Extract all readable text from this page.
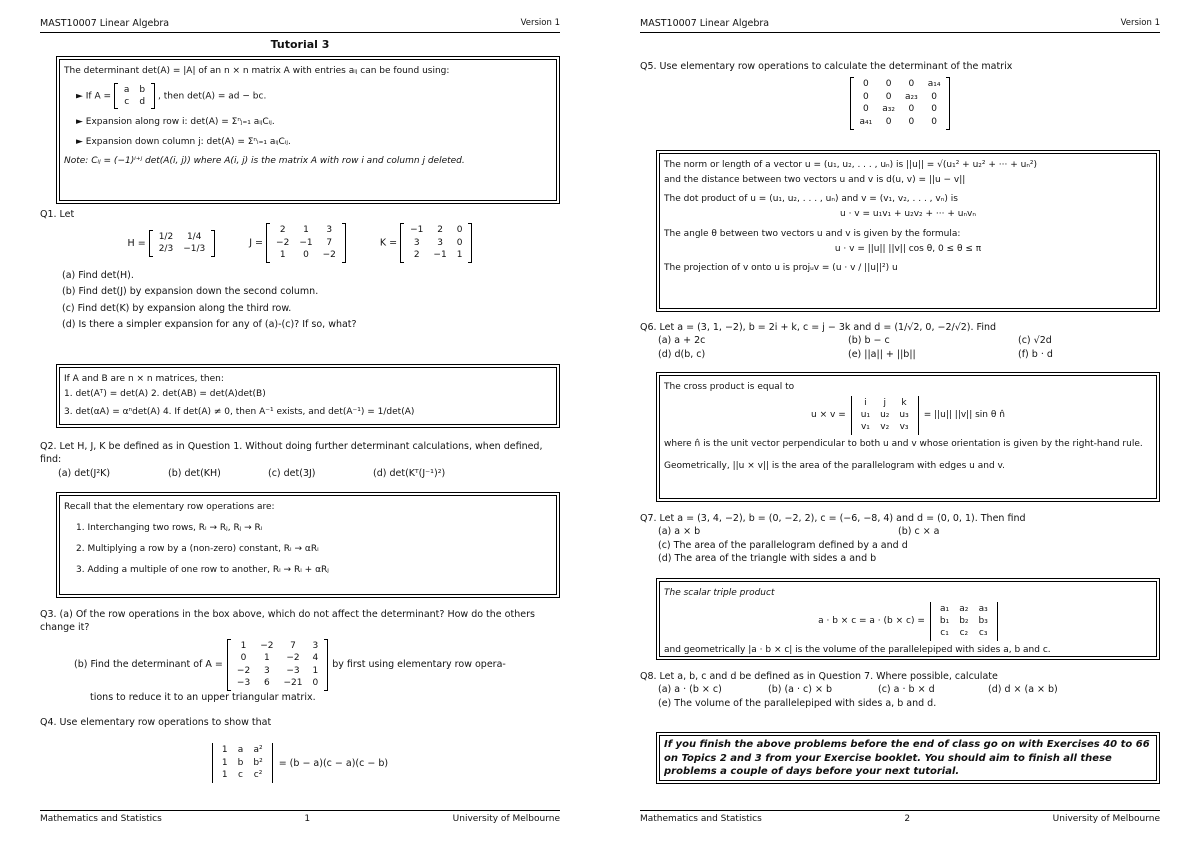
MAST10007 Linear Algebra	Version 1
Tutorial 3
The determinant det(A) = |A| of an n × n matrix A with entries aᵢⱼ can be found using:
► If A =
a	b
c	d
, then det(A) = ad − bc.
► Expansion along row i: det(A) = Σⁿⱼ₌₁ aᵢⱼCᵢⱼ.
► Expansion down column j: det(A) = Σⁿᵢ₌₁ aᵢⱼCᵢⱼ.
Note: Cᵢⱼ = (−1)ⁱ⁺ʲ det(A(i, j)) where A(i, j) is the matrix A with row i and column j deleted.
Q1. Let
H =
1/2	1/4
2/3	−1/3
J =
2	1	3
−2	−1	7
1	0	−2
K =
−1	2	0
3	3	0
2	−1	1
(a) Find det(H).
(b) Find det(J) by expansion down the second column.
(c) Find det(K) by expansion along the third row.
(d) Is there a simpler expansion for any of (a)-(c)? If so, what?
If A and B are n × n matrices, then:
1. det(Aᵀ) = det(A) 2. det(AB) = det(A)det(B)
3. det(αA) = αⁿdet(A) 4. If det(A) ≠ 0, then A⁻¹ exists, and det(A⁻¹) = 1/det(A)
Q2. Let H, J, K be defined as in Question 1. Without doing further determinant calculations, when defined, find:
(a) det(J²K)	(b) det(KH)	(c) det(3J)	(d) det(Kᵀ(J⁻¹)²)
Recall that the elementary row operations are:
1. Interchanging two rows, Rᵢ → Rⱼ, Rⱼ → Rᵢ
2. Multiplying a row by a (non-zero) constant, Rᵢ → αRᵢ
3. Adding a multiple of one row to another, Rᵢ → Rᵢ + αRⱼ
Q3. (a) Of the row operations in the box above, which do not affect the determinant? How do the others change it?
(b) Find the determinant of A =
1	−2	7	3
0	1	−2	4
−2	3	−3	1
−3	6	−21	0
by first using elementary row opera-
tions to reduce it to an upper triangular matrix.
Q4. Use elementary row operations to show that
1	a	a²
1	b	b²
1	c	c²
= (b − a)(c − a)(c − b)
Mathematics and Statistics	1	University of Melbourne
MAST10007 Linear Algebra	Version 1
Q5. Use elementary row operations to calculate the determinant of the matrix
0	0	0	a₁₄
0	0	a₂₃	0
0	a₃₂	0	0
a₄₁	0	0	0
The norm or length of a vector u = (u₁, u₂, . . . , uₙ) is ||u|| = √(u₁² + u₂² + ··· + uₙ²)
and the distance between two vectors u and v is d(u, v) = ||u − v||
The dot product of u = (u₁, u₂, . . . , uₙ) and v = (v₁, v₂, . . . , vₙ) is
u · v = u₁v₁ + u₂v₂ + ··· + uₙvₙ
The angle θ between two vectors u and v is given by the formula:
u · v = ||u|| ||v|| cos θ, 0 ≤ θ ≤ π
The projection of v onto u is projᵤv = (u · v / ||u||²) u
Q6. Let a = (3, 1, −2), b = 2i + k, c = j − 3k and d = (1/√2, 0, −2/√2). Find
(a) a + 2c	(b) b − c	(c) √2d
(d) d(b, c)	(e) ||a|| + ||b||	(f) b · d
The cross product is equal to
u × v =
i	j	k
u₁	u₂	u₃
v₁	v₂	v₃
= ||u|| ||v|| sin θ n̂
where n̂ is the unit vector perpendicular to both u and v whose orientation is given by the right-hand rule.
Geometrically, ||u × v|| is the area of the parallelogram with edges u and v.
Q7. Let a = (3, 4, −2), b = (0, −2, 2), c = (−6, −8, 4) and d = (0, 0, 1). Then find
(a) a × b	(b) c × a
(c) The area of the parallelogram defined by a and d
(d) The area of the triangle with sides a and b
The scalar triple product
a · b × c = a · (b × c) =
a₁	a₂	a₃
b₁	b₂	b₃
c₁	c₂	c₃
and geometrically |a · b × c| is the volume of the parallelepiped with sides a, b and c.
Q8. Let a, b, c and d be defined as in Question 7. Where possible, calculate
(a) a · (b × c)	(b) (a · c) × b	(c) a · b × d	(d) d × (a × b)
(e) The volume of the parallelepiped with sides a, b and d.
If you finish the above problems before the end of class go on with Exercises 40 to 66 on Topics 2 and 3 from your Exercise booklet. You should aim to finish all these problems a couple of days before your next tutorial.
Mathematics and Statistics	2	University of Melbourne
